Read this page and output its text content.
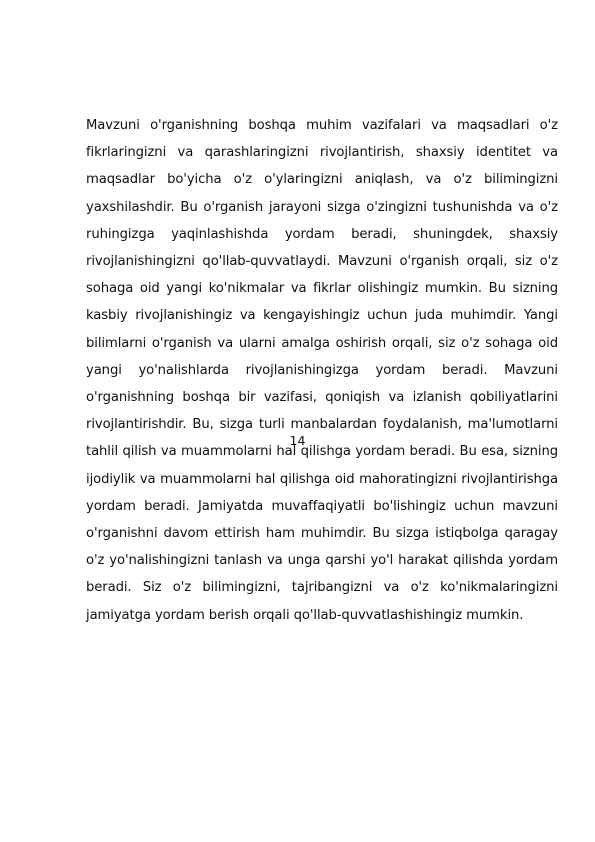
Mavzuni o'rganishning boshqa muhim vazifalari va maqsadlari o'z fikrlaringizni va qarashlaringizni rivojlantirish, shaxsiy identitet va maqsadlar bo'yicha o'z o'ylaringizni aniqlash, va o'z bilimingizni yaxshilashdir. Bu o'rganish jarayoni sizga o'zingizni tushunishda va o'z ruhingizga yaqinlashishda yordam beradi, shuningdek, shaxsiy rivojlanishingizni qo'llab-quvvatlaydi. Mavzuni o'rganish orqali, siz o'z sohaga oid yangi ko'nikmalar va fikrlar olishingiz mumkin. Bu sizning kasbiy rivojlanishingiz va kengayishingiz uchun juda muhimdir. Yangi bilimlarni o'rganish va ularni amalga oshirish orqali, siz o'z sohaga oid yangi yo'nalishlarda rivojlanishingizga yordam beradi. Mavzuni o'rganishning boshqa bir vazifasi, qoniqish va izlanish qobiliyatlarini rivojlantirishdir. Bu, sizga turli manbalardan foydalanish, ma'lumotlarni tahlil qilish va muammolarni hal qilishga yordam beradi. Bu esa, sizning ijodiylik va muammolarni hal qilishga oid mahoratingizni rivojlantirishga yordam beradi. Jamiyatda muvaffaqiyatli bo'lishingiz uchun mavzuni o'rganishni davom ettirish ham muhimdir. Bu sizga istiqbolga qaragay o'z yo'nalishingizni tanlash va unga qarshi yo'l harakat qilishda yordam beradi. Siz o'z bilimingizni, tajribangizni va o'z ko'nikmalaringizni jamiyatga yordam berish orqali qo'llab-quvvatlashishingiz mumkin.

14
